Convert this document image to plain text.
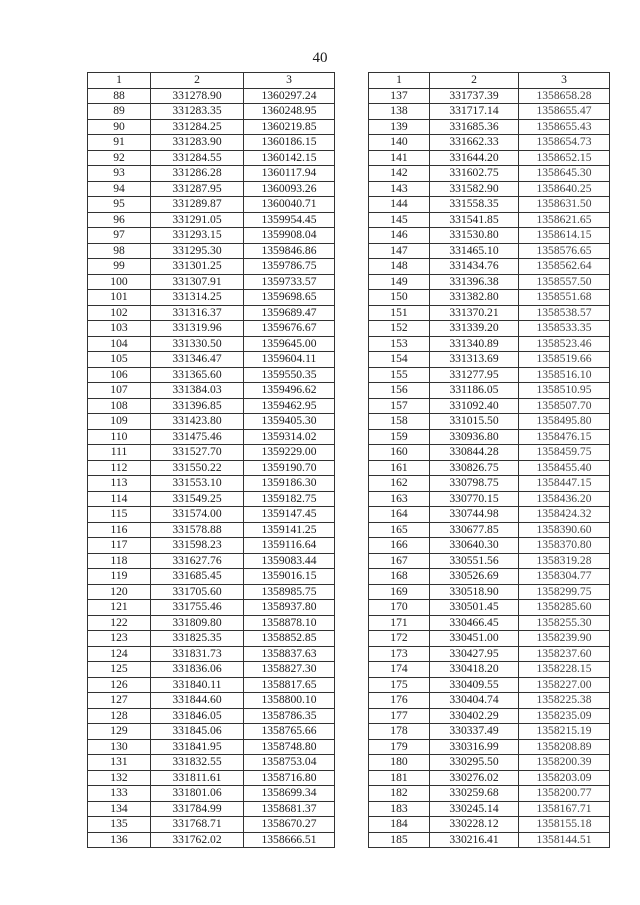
40
1	2	3
88	331278.90	1360297.24
89	331283.35	1360248.95
90	331284.25	1360219.85
91	331283.90	1360186.15
92	331284.55	1360142.15
93	331286.28	1360117.94
94	331287.95	1360093.26
95	331289.87	1360040.71
96	331291.05	1359954.45
97	331293.15	1359908.04
98	331295.30	1359846.86
99	331301.25	1359786.75
100	331307.91	1359733.57
101	331314.25	1359698.65
102	331316.37	1359689.47
103	331319.96	1359676.67
104	331330.50	1359645.00
105	331346.47	1359604.11
106	331365.60	1359550.35
107	331384.03	1359496.62
108	331396.85	1359462.95
109	331423.80	1359405.30
110	331475.46	1359314.02
111	331527.70	1359229.00
112	331550.22	1359190.70
113	331553.10	1359186.30
114	331549.25	1359182.75
115	331574.00	1359147.45
116	331578.88	1359141.25
117	331598.23	1359116.64
118	331627.76	1359083.44
119	331685.45	1359016.15
120	331705.60	1358985.75
121	331755.46	1358937.80
122	331809.80	1358878.10
123	331825.35	1358852.85
124	331831.73	1358837.63
125	331836.06	1358827.30
126	331840.11	1358817.65
127	331844.60	1358800.10
128	331846.05	1358786.35
129	331845.06	1358765.66
130	331841.95	1358748.80
131	331832.55	1358753.04
132	331811.61	1358716.80
133	331801.06	1358699.34
134	331784.99	1358681.37
135	331768.71	1358670.27
136	331762.02	1358666.51
1	2	3
137	331737.39	1358658.28
138	331717.14	1358655.47
139	331685.36	1358655.43
140	331662.33	1358654.73
141	331644.20	1358652.15
142	331602.75	1358645.30
143	331582.90	1358640.25
144	331558.35	1358631.50
145	331541.85	1358621.65
146	331530.80	1358614.15
147	331465.10	1358576.65
148	331434.76	1358562.64
149	331396.38	1358557.50
150	331382.80	1358551.68
151	331370.21	1358538.57
152	331339.20	1358533.35
153	331340.89	1358523.46
154	331313.69	1358519.66
155	331277.95	1358516.10
156	331186.05	1358510.95
157	331092.40	1358507.70
158	331015.50	1358495.80
159	330936.80	1358476.15
160	330844.28	1358459.75
161	330826.75	1358455.40
162	330798.75	1358447.15
163	330770.15	1358436.20
164	330744.98	1358424.32
165	330677.85	1358390.60
166	330640.30	1358370.80
167	330551.56	1358319.28
168	330526.69	1358304.77
169	330518.90	1358299.75
170	330501.45	1358285.60
171	330466.45	1358255.30
172	330451.00	1358239.90
173	330427.95	1358237.60
174	330418.20	1358228.15
175	330409.55	1358227.00
176	330404.74	1358225.38
177	330402.29	1358235.09
178	330337.49	1358215.19
179	330316.99	1358208.89
180	330295.50	1358200.39
181	330276.02	1358203.09
182	330259.68	1358200.77
183	330245.14	1358167.71
184	330228.12	1358155.18
185	330216.41	1358144.51
